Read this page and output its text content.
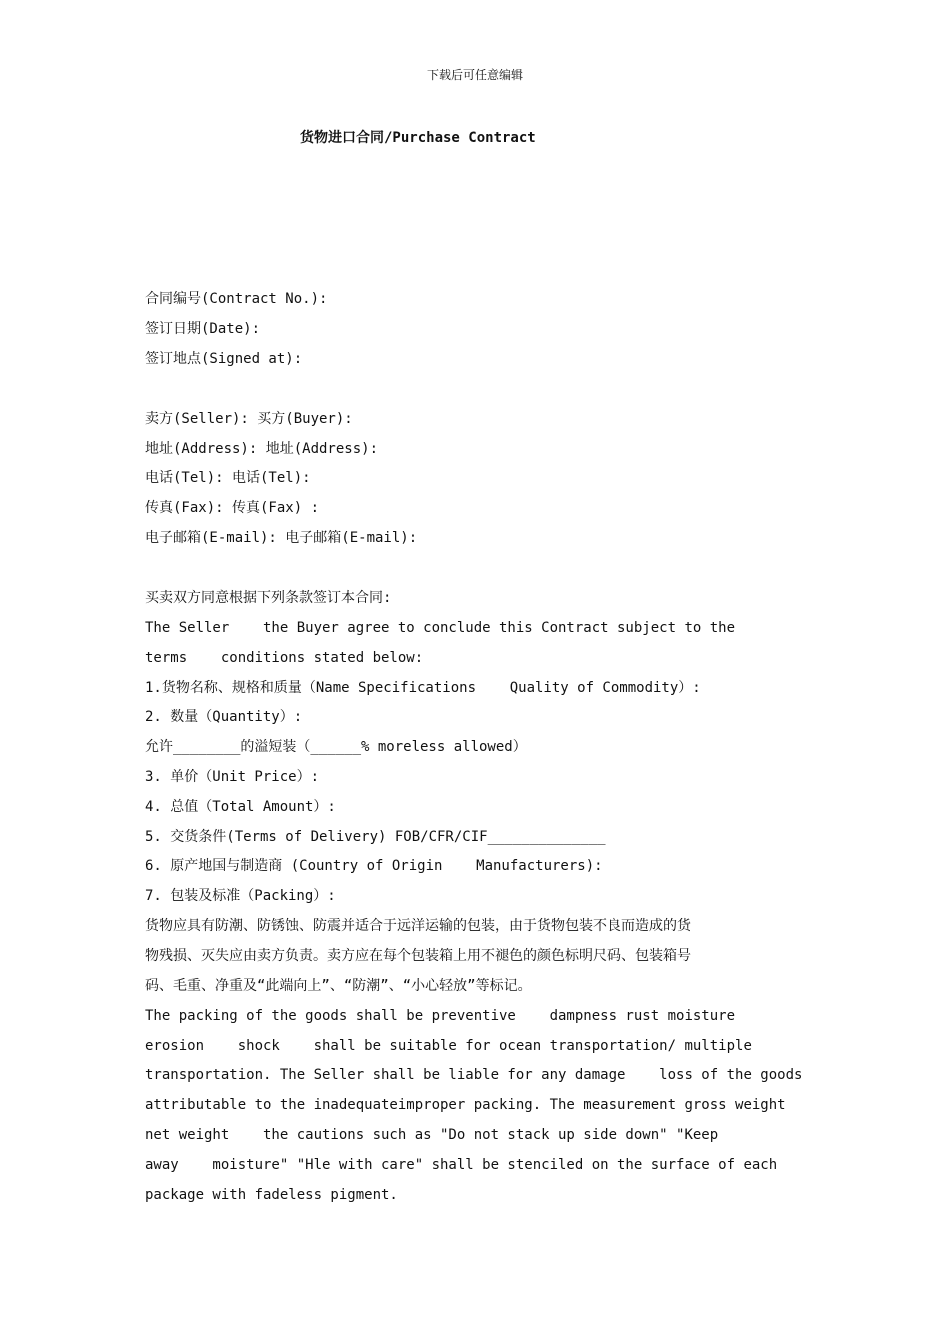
下载后可任意编辑
货物进口合同/Purchase Contract
合同编号(Contract No.):
签订日期(Date):
签订地点(Signed at):
卖方(Seller): 买方(Buyer):
地址(Address): 地址(Address):
电话(Tel): 电话(Tel):
传真(Fax): 传真(Fax) :
电子邮箱(E-mail): 电子邮箱(E-mail):
买卖双方同意根据下列条款签订本合同:
The Seller    the Buyer agree to conclude this Contract subject to the
terms    conditions stated below:
1.货物名称、规格和质量（Name Specifications    Quality of Commodity）:
2. 数量（Quantity）:
允许________的溢短装（______% moreless allowed）
3. 单价（Unit Price）:
4. 总值（Total Amount）:
5. 交货条件(Terms of Delivery) FOB/CFR/CIF______________
6. 原产地国与制造商 (Country of Origin    Manufacturers):
7. 包装及标准（Packing）:
货物应具有防潮、防锈蚀、防震并适合于远洋运输的包装，由于货物包装不良而造成的货
物残损、灭失应由卖方负责。卖方应在每个包装箱上用不褪色的颜色标明尺码、包装箱号
码、毛重、净重及“此端向上”、“防潮”、“小心轻放”等标记。
The packing of the goods shall be preventive    dampness rust moisture
erosion    shock    shall be suitable for ocean transportation/ multiple
transportation. The Seller shall be liable for any damage    loss of the goods
attributable to the inadequateimproper packing. The measurement gross weight
net weight    the cautions such as "Do not stack up side down" "Keep
away    moisture" "Hle with care" shall be stenciled on the surface of each
package with fadeless pigment.
